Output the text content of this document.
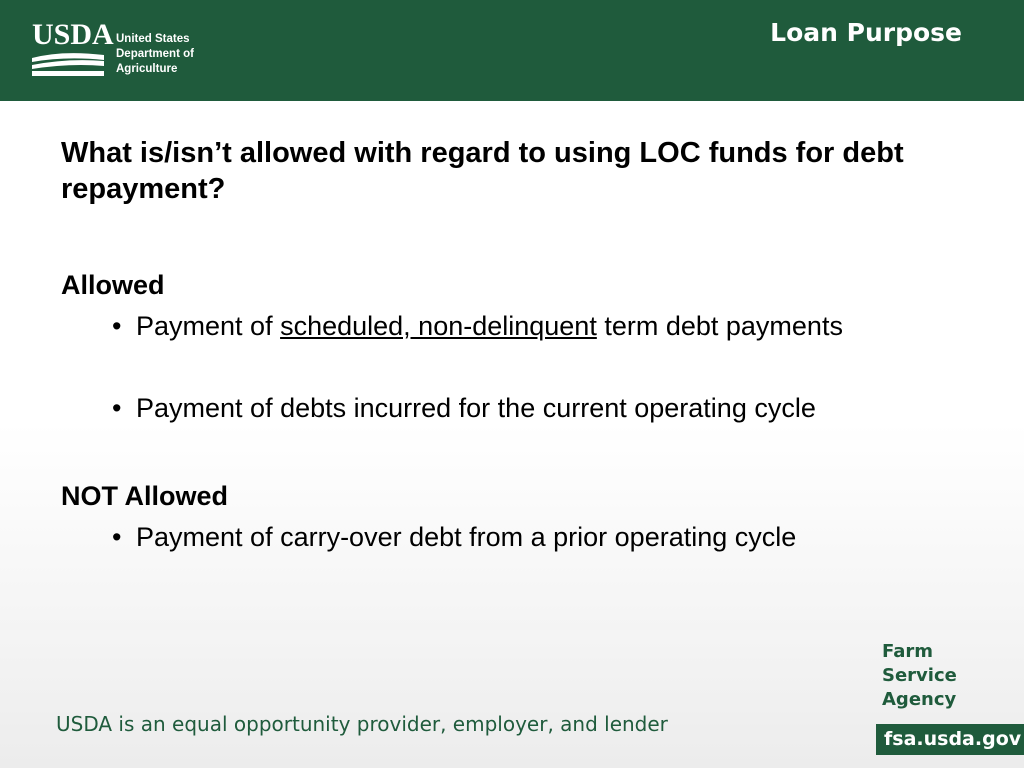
USDA United States
Department of
Agriculture
Loan Purpose
What is/isn’t allowed with regard to using LOC funds for debt repayment?
Allowed
• Payment of scheduled, non-delinquent term debt payments
• Payment of debts incurred for the current operating cycle
NOT Allowed
• Payment of carry-over debt from a prior operating cycle
USDA is an equal opportunity provider, employer, and lender
Farm
Service
Agency
fsa.usda.gov
